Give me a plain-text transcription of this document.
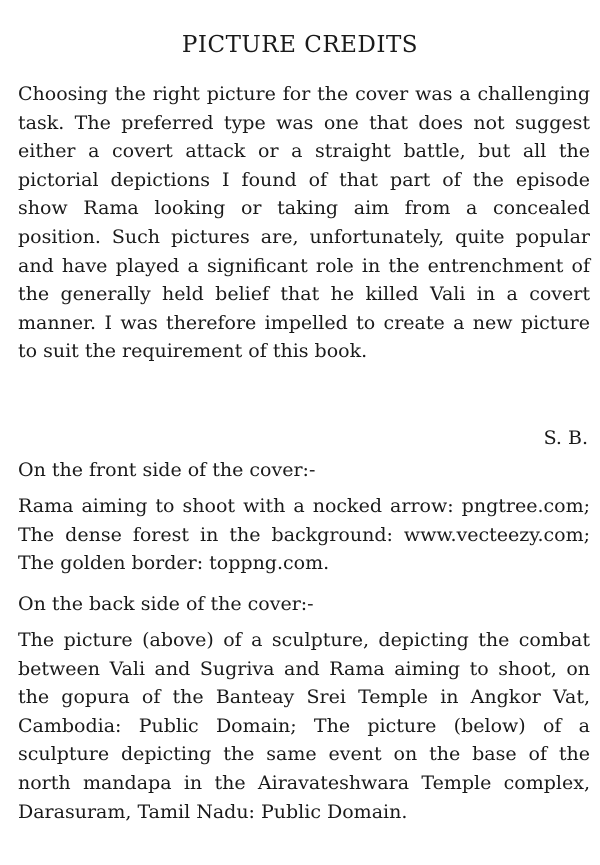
PICTURE CREDITS

Choosing the right picture for the cover was a challenging task. The preferred type was one that does not suggest either a covert attack or a straight battle, but all the pictorial depictions I found of that part of the episode show Rama looking or taking aim from a concealed position. Such pictures are, unfortunately, quite popular and have played a significant role in the entrenchment of the generally held belief that he killed Vali in a covert manner. I was therefore impelled to create a new picture to suit the requirement of this book.

S. B.

On the front side of the cover:-

Rama aiming to shoot with a nocked arrow: pngtree.com; The dense forest in the background: www.vecteezy.com; The golden border: toppng.com.

On the back side of the cover:-

The picture (above) of a sculpture, depicting the combat between Vali and Sugriva and Rama aiming to shoot, on the gopura of the Banteay Srei Temple in Angkor Vat, Cambodia: Public Domain; The picture (below) of a sculpture depicting the same event on the base of the north mandapa in the Airavateshwara Temple complex, Darasuram, Tamil Nadu: Public Domain.
